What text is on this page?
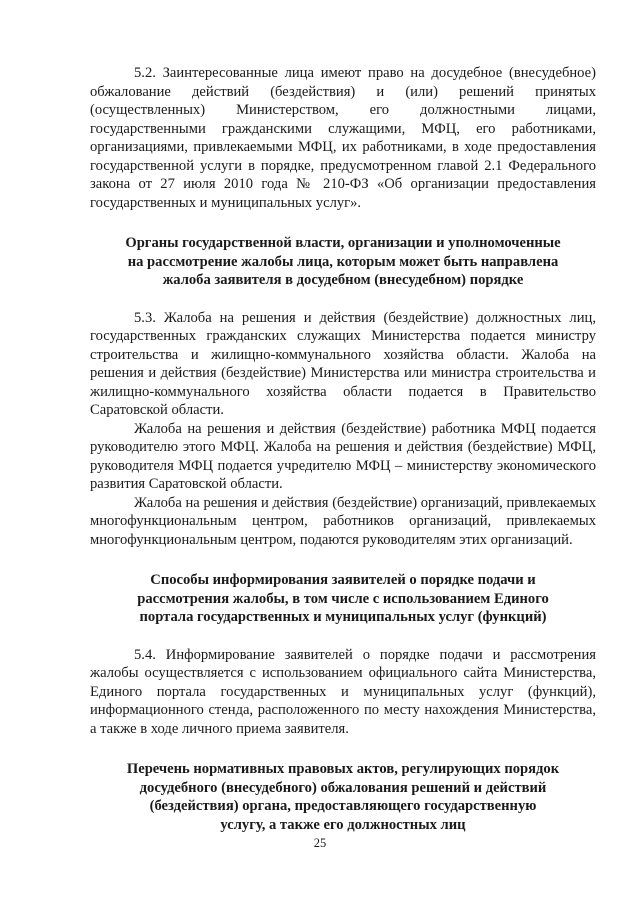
5.2. Заинтересованные лица имеют право на досудебное (внесудебное) обжалование действий (бездействия) и (или) решений принятых (осуществленных) Министерством, его должностными лицами, государственными гражданскими служащими, МФЦ, его работниками, организациями, привлекаемыми МФЦ, их работниками, в ходе предоставления государственной услуги в порядке, предусмотренном главой 2.1 Федерального закона от 27 июля 2010 года № 210-ФЗ «Об организации предоставления государственных и муниципальных услуг».

Органы государственной власти, организации и уполномоченные
на рассмотрение жалобы лица, которым может быть направлена
жалоба заявителя в досудебном (внесудебном) порядке

5.3. Жалоба на решения и действия (бездействие) должностных лиц, государственных гражданских служащих Министерства подается министру строительства и жилищно-коммунального хозяйства области. Жалоба на решения и действия (бездействие) Министерства или министра строительства и жилищно-коммунального хозяйства области подается в Правительство Саратовской области.

Жалоба на решения и действия (бездействие) работника МФЦ подается руководителю этого МФЦ. Жалоба на решения и действия (бездействие) МФЦ, руководителя МФЦ подается учредителю МФЦ – министерству экономического развития Саратовской области.

Жалоба на решения и действия (бездействие) организаций, привлекаемых многофункциональным центром, работников организаций, привлекаемых многофункциональным центром, подаются руководителям этих организаций.

Способы информирования заявителей о порядке подачи и
рассмотрения жалобы, в том числе с использованием Единого
портала государственных и муниципальных услуг (функций)

5.4. Информирование заявителей о порядке подачи и рассмотрения жалобы осуществляется с использованием официального сайта Министерства, Единого портала государственных и муниципальных услуг (функций), информационного стенда, расположенного по месту нахождения Министерства, а также в ходе личного приема заявителя.

Перечень нормативных правовых актов, регулирующих порядок
досудебного (внесудебного) обжалования решений и действий
(бездействия) органа, предоставляющего государственную
услугу, а также его должностных лиц
25
